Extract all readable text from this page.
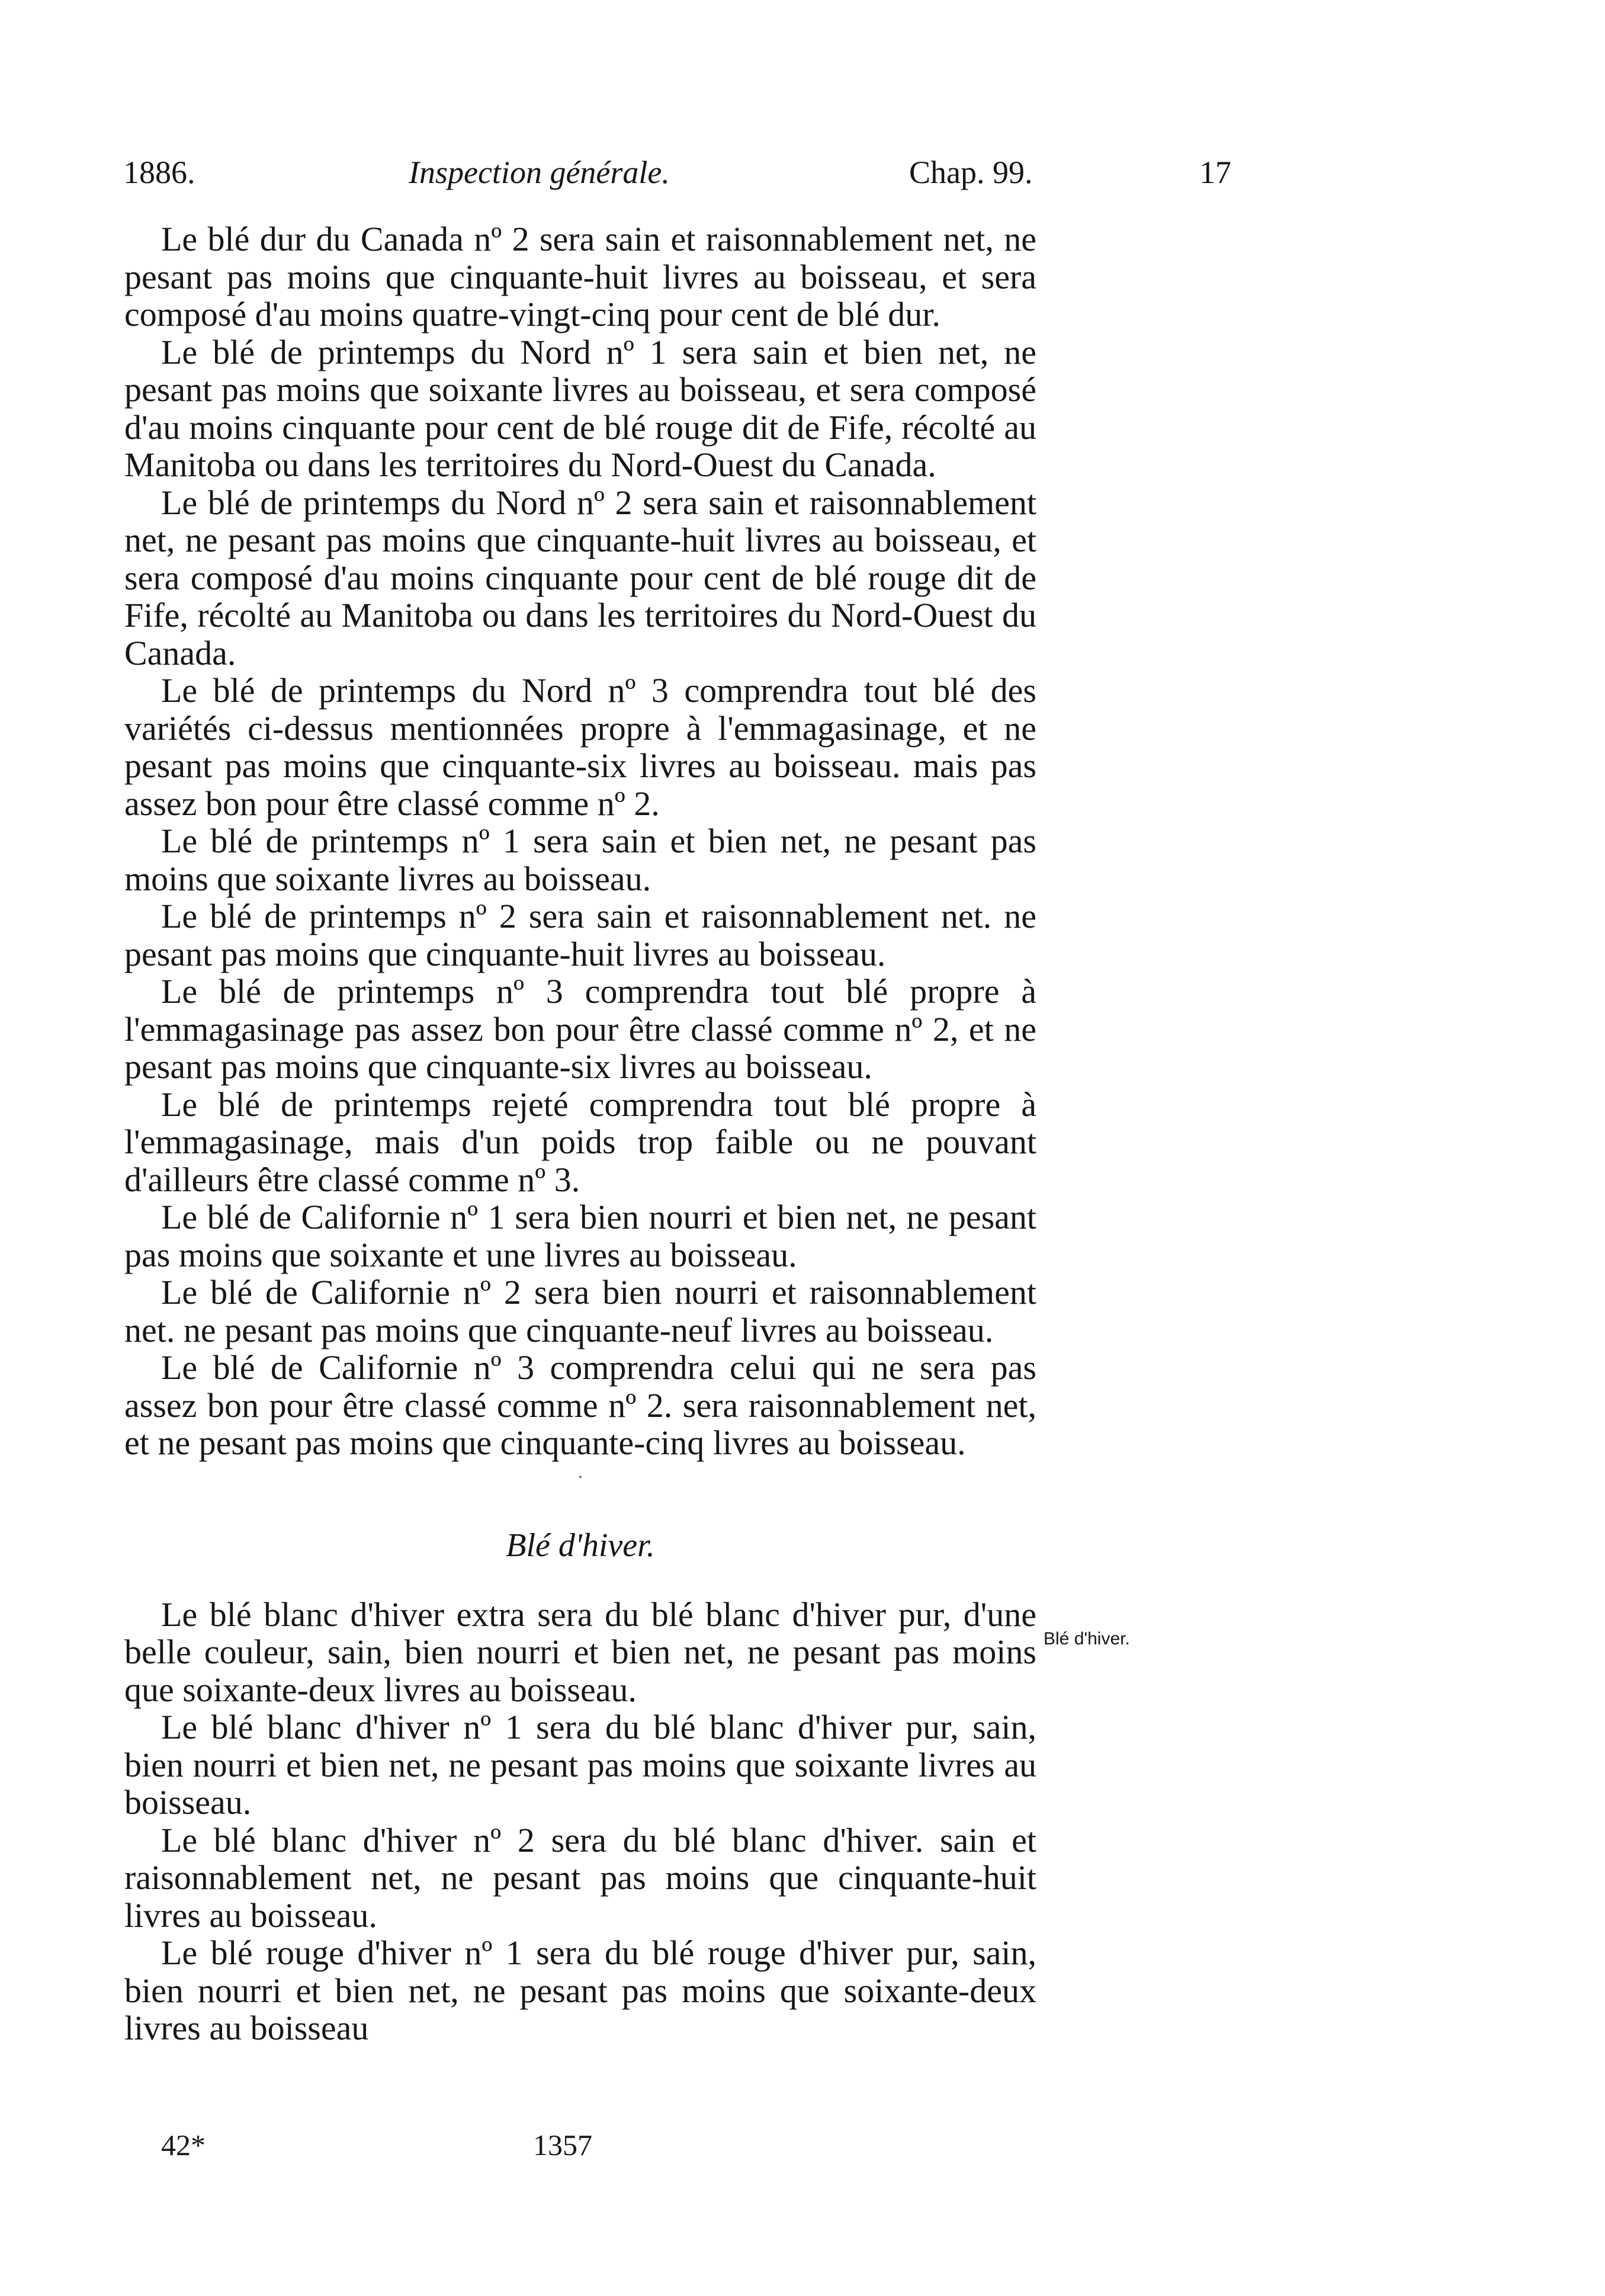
1886.	Inspection générale.	Chap. 99.	17

Le blé dur du Canada nº 2 sera sain et raisonnablement net, ne pesant pas moins que cinquante-huit livres au boisseau, et sera composé d'au moins quatre-vingt-cinq pour cent de blé dur.

Le blé de printemps du Nord nº 1 sera sain et bien net, ne pesant pas moins que soixante livres au boisseau, et sera composé d'au moins cinquante pour cent de blé rouge dit de Fife, récolté au Manitoba ou dans les territoires du Nord-Ouest du Canada.

Le blé de printemps du Nord nº 2 sera sain et raisonnablement net, ne pesant pas moins que cinquante-huit livres au boisseau, et sera composé d'au moins cinquante pour cent de blé rouge dit de Fife, récolté au Manitoba ou dans les territoires du Nord-Ouest du Canada.

Le blé de printemps du Nord nº 3 comprendra tout blé des variétés ci-dessus mentionnées propre à l'emmagasinage, et ne pesant pas moins que cinquante-six livres au boisseau. mais pas assez bon pour être classé comme nº 2.

Le blé de printemps nº 1 sera sain et bien net, ne pesant pas moins que soixante livres au boisseau.

Le blé de printemps nº 2 sera sain et raisonnablement net. ne pesant pas moins que cinquante-huit livres au boisseau.

Le blé de printemps nº 3 comprendra tout blé propre à l'emmagasinage pas assez bon pour être classé comme nº 2, et ne pesant pas moins que cinquante-six livres au boisseau.

Le blé de printemps rejeté comprendra tout blé propre à l'emmagasinage, mais d'un poids trop faible ou ne pouvant d'ailleurs être classé comme nº 3.

Le blé de Californie nº 1 sera bien nourri et bien net, ne pesant pas moins que soixante et une livres au boisseau.

Le blé de Californie nº 2 sera bien nourri et raisonnablement net. ne pesant pas moins que cinquante-neuf livres au boisseau.

Le blé de Californie nº 3 comprendra celui qui ne sera pas assez bon pour être classé comme nº 2. sera raisonnablement net, et ne pesant pas moins que cinquante-cinq livres au boisseau.

·
Blé d'hiver.

Le blé blanc d'hiver extra sera du blé blanc d'hiver pur, d'une belle couleur, sain, bien nourri et bien net, ne pesant pas moins que soixante-deux livres au boisseau.

Le blé blanc d'hiver nº 1 sera du blé blanc d'hiver pur, sain, bien nourri et bien net, ne pesant pas moins que soixante livres au boisseau.

Le blé blanc d'hiver nº 2 sera du blé blanc d'hiver. sain et raisonnablement net, ne pesant pas moins que cinquante-huit livres au boisseau.

Le blé rouge d'hiver nº 1 sera du blé rouge d'hiver pur, sain, bien nourri et bien net, ne pesant pas moins que soixante-deux livres au boisseau

Blé d'hiver.
42*	1357
